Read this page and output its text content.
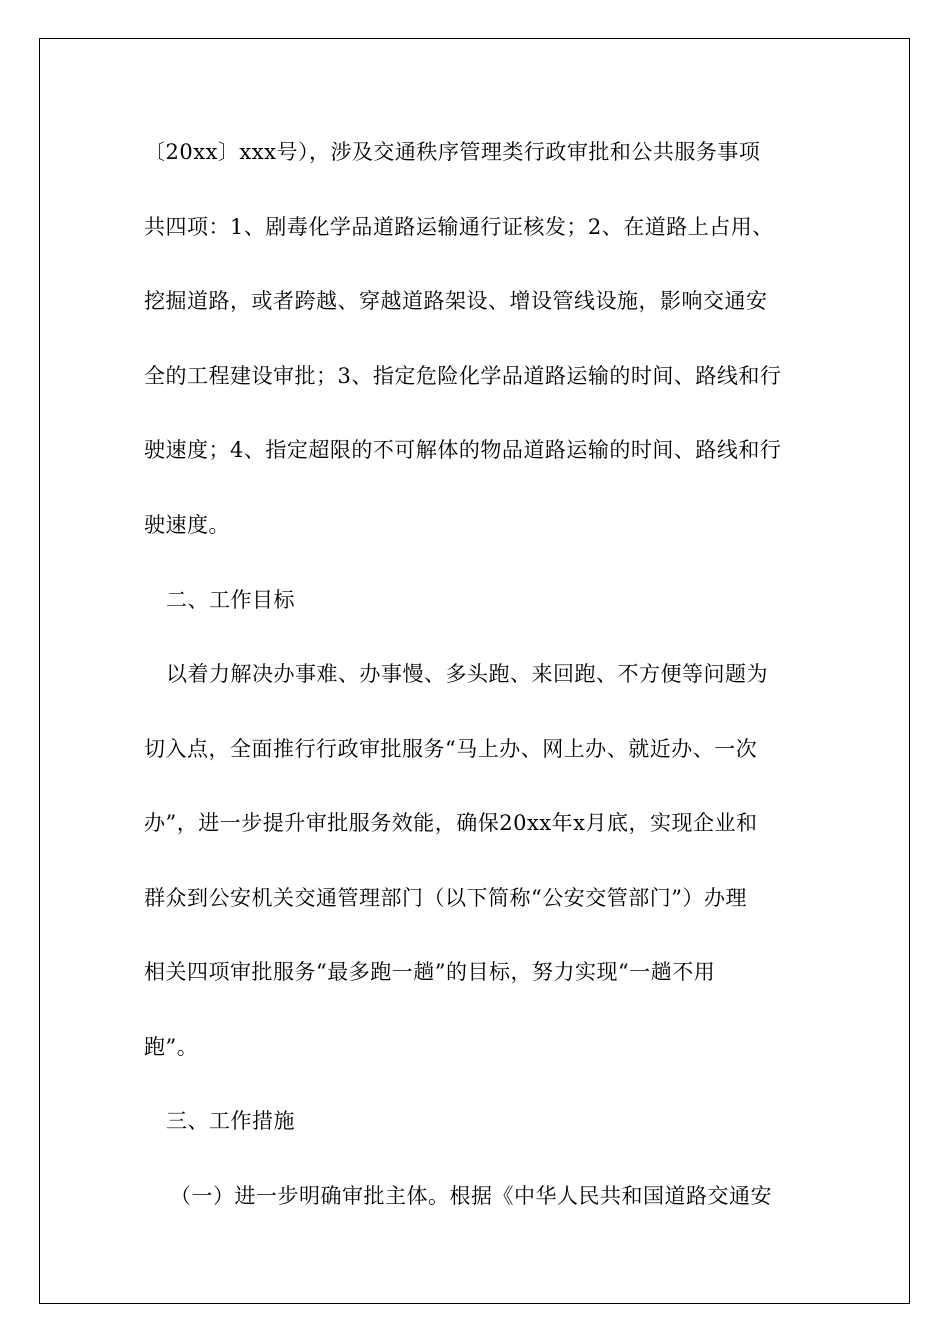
〔20xx〕xxx号），涉及交通秩序管理类行政审批和公共服务事项
共四项：1、剧毒化学品道路运输通行证核发；2、在道路上占用、
挖掘道路，或者跨越、穿越道路架设、增设管线设施，影响交通安
全的工程建设审批；3、指定危险化学品道路运输的时间、路线和行
驶速度；4、指定超限的不可解体的物品道路运输的时间、路线和行
驶速度。
二、工作目标
以着力解决办事难、办事慢、多头跑、来回跑、不方便等问题为
切入点，全面推行行政审批服务“马上办、网上办、就近办、一次
办”，进一步提升审批服务效能，确保20xx年x月底，实现企业和
群众到公安机关交通管理部门（以下简称“公安交管部门”）办理
相关四项审批服务“最多跑一趟”的目标，努力实现“一趟不用
跑”。
三、工作措施
（一）进一步明确审批主体。根据《中华人民共和国道路交通安
